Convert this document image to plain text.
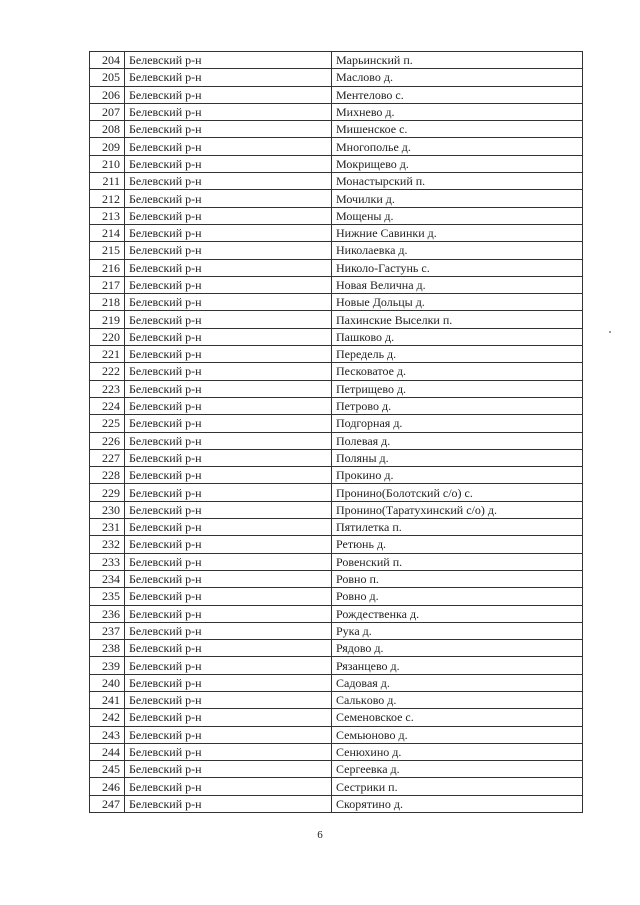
204	Белевский р-н	Марьинский п.
205	Белевский р-н	Маслово д.
206	Белевский р-н	Ментелово с.
207	Белевский р-н	Михнево д.
208	Белевский р-н	Мишенское с.
209	Белевский р-н	Многополье д.
210	Белевский р-н	Мокрищево д.
211	Белевский р-н	Монастырский п.
212	Белевский р-н	Мочилки д.
213	Белевский р-н	Мощены д.
214	Белевский р-н	Нижние Савинки д.
215	Белевский р-н	Николаевка д.
216	Белевский р-н	Николо-Гастунь с.
217	Белевский р-н	Новая Велична д.
218	Белевский р-н	Новые Дольцы д.
219	Белевский р-н	Пахинские Выселки п.
220	Белевский р-н	Пашково д.
221	Белевский р-н	Передель д.
222	Белевский р-н	Песковатое д.
223	Белевский р-н	Петрищево д.
224	Белевский р-н	Петрово д.
225	Белевский р-н	Подгорная д.
226	Белевский р-н	Полевая д.
227	Белевский р-н	Поляны д.
228	Белевский р-н	Прокино д.
229	Белевский р-н	Пронино(Болотский с/о) с.
230	Белевский р-н	Пронино(Таратухинский с/о) д.
231	Белевский р-н	Пятилетка п.
232	Белевский р-н	Ретюнь д.
233	Белевский р-н	Ровенский п.
234	Белевский р-н	Ровно п.
235	Белевский р-н	Ровно д.
236	Белевский р-н	Рождественка д.
237	Белевский р-н	Рука д.
238	Белевский р-н	Рядово д.
239	Белевский р-н	Рязанцево д.
240	Белевский р-н	Садовая д.
241	Белевский р-н	Салькoво д.
242	Белевский р-н	Семеновское с.
243	Белевский р-н	Семьюново д.
244	Белевский р-н	Сенюхино д.
245	Белевский р-н	Сергеевка д.
246	Белевский р-н	Сестрики п.
247	Белевский р-н	Скорятино д.
6
